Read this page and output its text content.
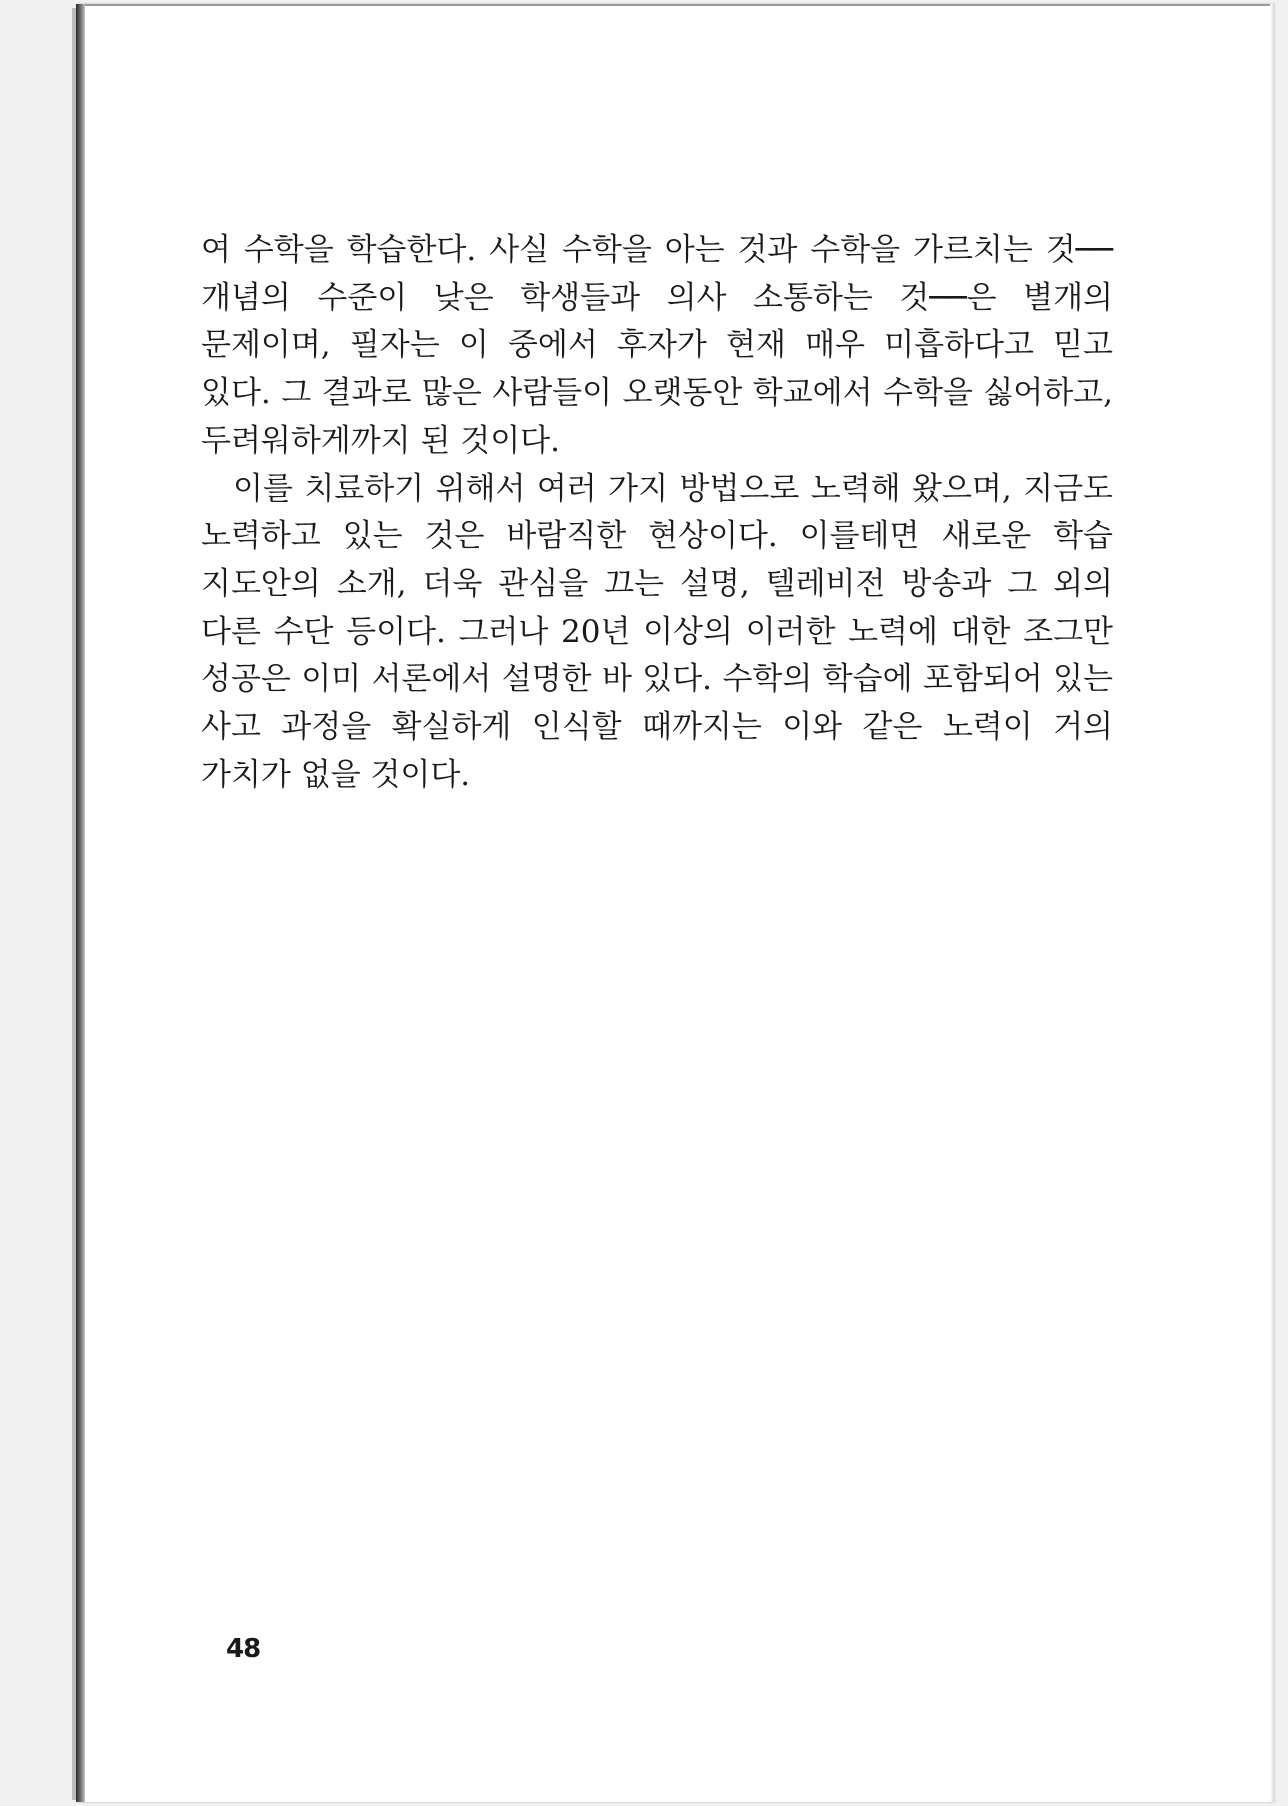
여 수학을 학습한다. 사실 수학을 아는 것과 수학을 가르치는 것──개념의 수준이 낮은 학생들과 의사 소통하는 것──은 별개의 문제이며, 필자는 이 중에서 후자가 현재 매우 미흡하다고 믿고 있다. 그 결과로 많은 사람들이 오랫동안 학교에서 수학을 싫어하고, 두려워하게까지 된 것이다.

이를 치료하기 위해서 여러 가지 방법으로 노력해 왔으며, 지금도 노력하고 있는 것은 바람직한 현상이다. 이를테면 새로운 학습 지도안의 소개, 더욱 관심을 끄는 설명, 텔레비전 방송과 그 외의 다른 수단 등이다. 그러나 20년 이상의 이러한 노력에 대한 조그만 성공은 이미 서론에서 설명한 바 있다. 수학의 학습에 포함되어 있는 사고 과정을 확실하게 인식할 때까지는 이와 같은 노력이 거의 가치가 없을 것이다.

48
